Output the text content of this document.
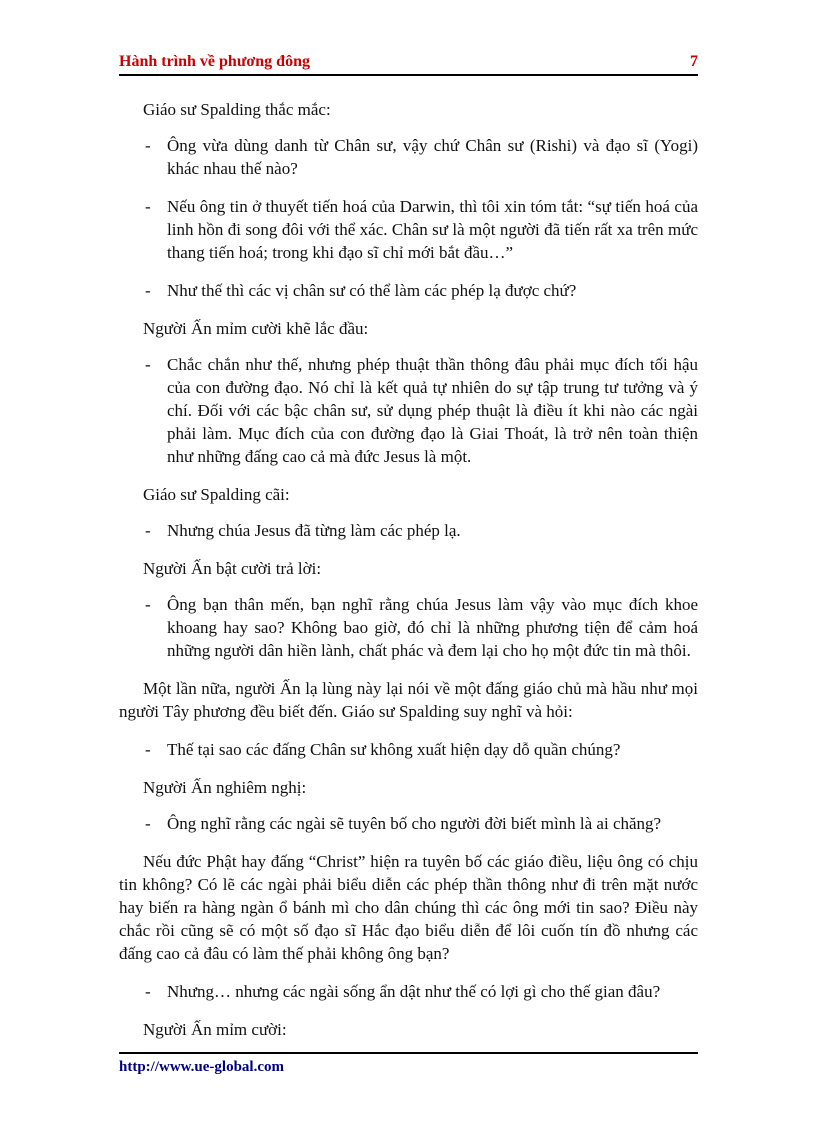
Hành trình về phương đông	7

Giáo sư Spalding thắc mắc:

- Ông vừa dùng danh từ Chân sư, vậy chứ Chân sư (Rishi) và đạo sĩ (Yogi) khác nhau thế nào?

- Nếu ông tin ở thuyết tiến hoá của Darwin, thì tôi xin tóm tắt: “sự tiến hoá của linh hồn đi song đôi với thể xác. Chân sư là một người đã tiến rất xa trên mức thang tiến hoá; trong khi đạo sĩ chỉ mới bắt đầu…”

- Như thế thì các vị chân sư có thể làm các phép lạ được chứ?

Người Ấn mỉm cười khẽ lắc đầu:

- Chắc chắn như thế, nhưng phép thuật thần thông đâu phải mục đích tối hậu của con đường đạo. Nó chỉ là kết quả tự nhiên do sự tập trung tư tưởng và ý chí. Đối với các bậc chân sư, sử dụng phép thuật là điều ít khi nào các ngài phải làm. Mục đích của con đường đạo là Giai Thoát, là trở nên toàn thiện như những đấng cao cả mà đức Jesus là một.

Giáo sư Spalding cãi:

- Nhưng chúa Jesus đã từng làm các phép lạ.

Người Ấn bật cười trả lời:

- Ông bạn thân mến, bạn nghĩ rằng chúa Jesus làm vậy vào mục đích khoe khoang hay sao? Không bao giờ, đó chỉ là những phương tiện để cảm hoá những người dân hiền lành, chất phác và đem lại cho họ một đức tin mà thôi.

Một lần nữa, người Ấn lạ lùng này lại nói về một đấng giáo chủ mà hầu như mọi người Tây phương đều biết đến. Giáo sư Spalding suy nghĩ và hỏi:

- Thế tại sao các đấng Chân sư không xuất hiện dạy dỗ quần chúng?

Người Ấn nghiêm nghị:

- Ông nghĩ rằng các ngài sẽ tuyên bố cho người đời biết mình là ai chăng?

Nếu đức Phật hay đấng “Christ” hiện ra tuyên bố các giáo điều, liệu ông có chịu tin không? Có lẽ các ngài phải biểu diễn các phép thần thông như đi trên mặt nước hay biến ra hàng ngàn ổ bánh mì cho dân chúng thì các ông mới tin sao? Điều này chắc rồi cũng sẽ có một số đạo sĩ Hắc đạo biểu diễn để lôi cuốn tín đồ nhưng các đấng cao cả đâu có làm thế phải không ông bạn?

- Nhưng… nhưng các ngài sống ẩn dật như thế có lợi gì cho thế gian đâu?

Người Ấn mỉm cười:

http://www.ue-global.com
